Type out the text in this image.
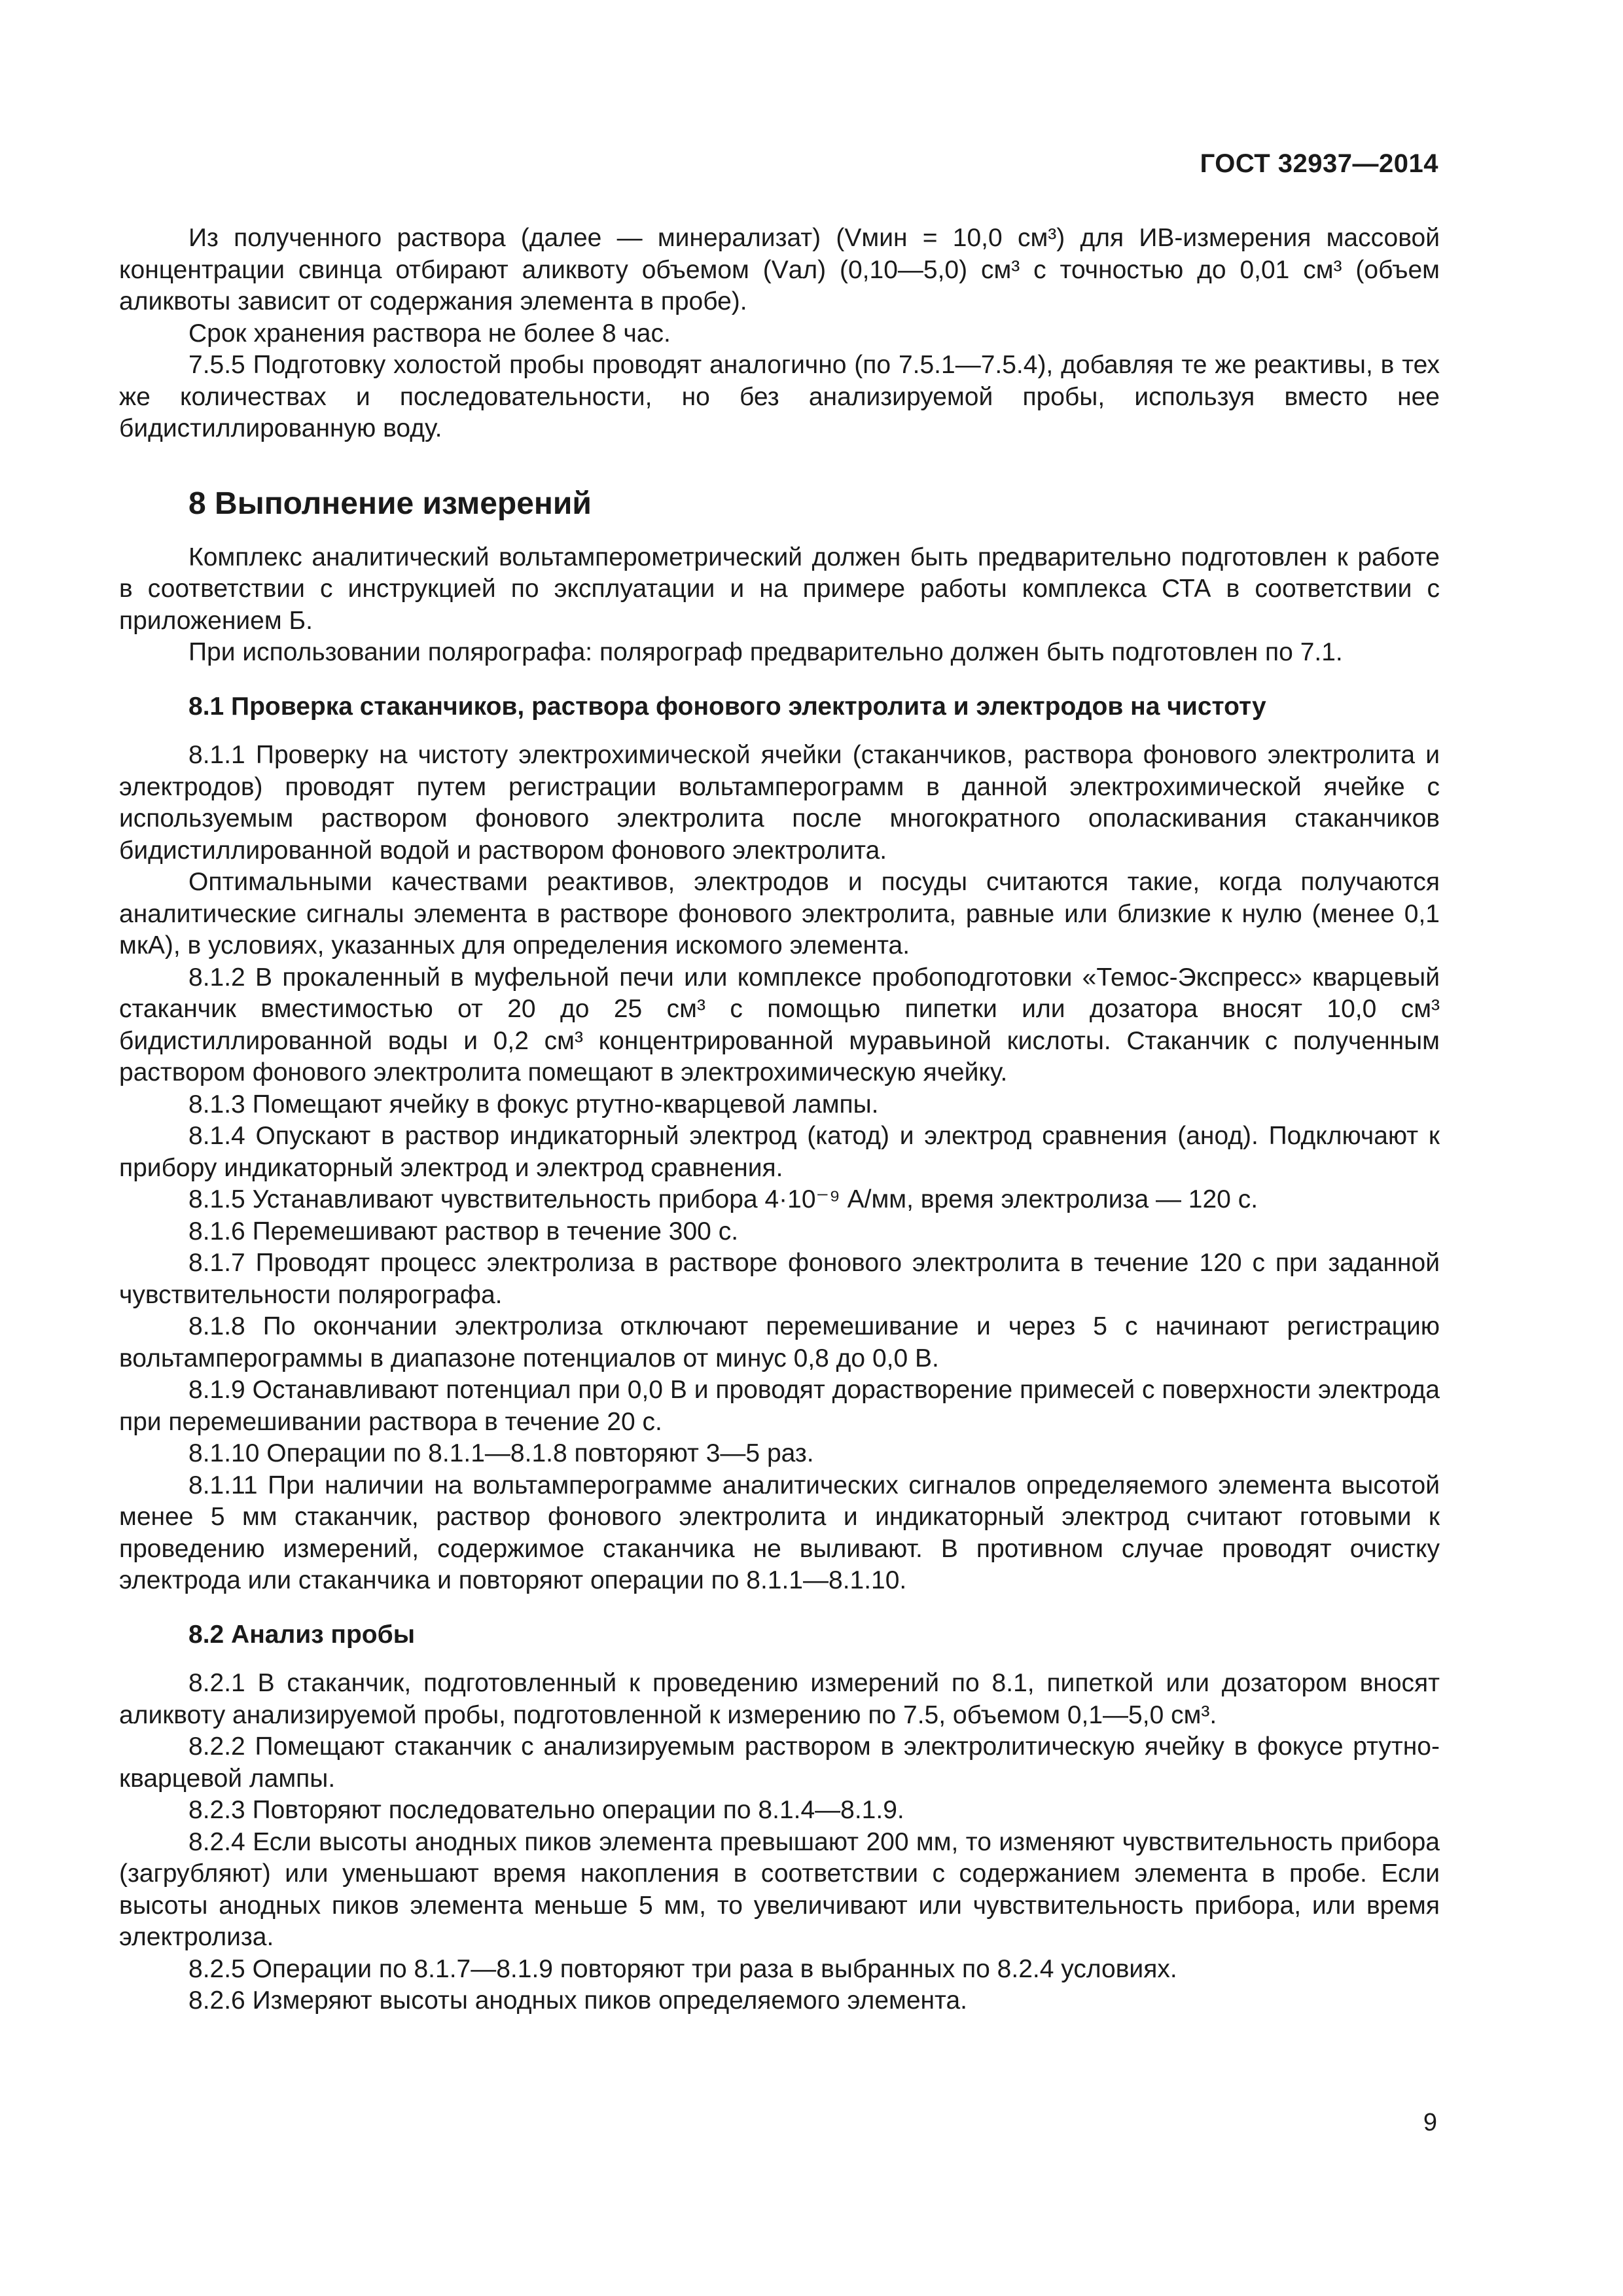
ГОСТ 32937—2014

Из полученного раствора (далее — минерализат) (Vмин = 10,0 см³) для ИВ-измерения массовой концентрации свинца отбирают аликвоту объемом (Vал) (0,10—5,0) см³ с точностью до 0,01 см³ (объем аликвоты зависит от содержания элемента в пробе).

Срок хранения раствора не более 8 час.

7.5.5 Подготовку холостой пробы проводят аналогично (по 7.5.1—7.5.4), добавляя те же реактивы, в тех же количествах и последовательности, но без анализируемой пробы, используя вместо нее бидистиллированную воду.

8 Выполнение измерений

Комплекс аналитический вольтамперометрический должен быть предварительно подготовлен к работе в соответствии с инструкцией по эксплуатации и на примере работы комплекса СТА в соответствии с приложением Б.

При использовании полярографа: полярограф предварительно должен быть подготовлен по 7.1.

8.1 Проверка стаканчиков, раствора фонового электролита и электродов на чистоту

8.1.1 Проверку на чистоту электрохимической ячейки (стаканчиков, раствора фонового электролита и электродов) проводят путем регистрации вольтамперограмм в данной электрохимической ячейке с используемым раствором фонового электролита после многократного ополаскивания стаканчиков бидистиллированной водой и раствором фонового электролита.

Оптимальными качествами реактивов, электродов и посуды считаются такие, когда получаются аналитические сигналы элемента в растворе фонового электролита, равные или близкие к нулю (менее 0,1 мкА), в условиях, указанных для определения искомого элемента.

8.1.2 В прокаленный в муфельной печи или комплексе пробоподготовки «Темос-Экспресс» кварцевый стаканчик вместимостью от 20 до 25 см³ с помощью пипетки или дозатора вносят 10,0 см³ бидистиллированной воды и 0,2 см³ концентрированной муравьиной кислоты. Стаканчик с полученным раствором фонового электролита помещают в электрохимическую ячейку.

8.1.3 Помещают ячейку в фокус ртутно-кварцевой лампы.

8.1.4 Опускают в раствор индикаторный электрод (катод) и электрод сравнения (анод). Подключают к прибору индикаторный электрод и электрод сравнения.

8.1.5 Устанавливают чувствительность прибора 4·10⁻⁹ А/мм, время электролиза — 120 с.

8.1.6 Перемешивают раствор в течение 300 с.

8.1.7 Проводят процесс электролиза в растворе фонового электролита в течение 120 с при заданной чувствительности полярографа.

8.1.8 По окончании электролиза отключают перемешивание и через 5 с начинают регистрацию вольтамперограммы в диапазоне потенциалов от минус 0,8 до 0,0 В.

8.1.9 Останавливают потенциал при 0,0 В и проводят дорастворение примесей с поверхности электрода при перемешивании раствора в течение 20 с.

8.1.10 Операции по 8.1.1—8.1.8 повторяют 3—5 раз.

8.1.11 При наличии на вольтамперограмме аналитических сигналов определяемого элемента высотой менее 5 мм стаканчик, раствор фонового электролита и индикаторный электрод считают готовыми к проведению измерений, содержимое стаканчика не выливают. В противном случае проводят очистку электрода или стаканчика и повторяют операции по 8.1.1—8.1.10.

8.2 Анализ пробы

8.2.1 В стаканчик, подготовленный к проведению измерений по 8.1, пипеткой или дозатором вносят аликвоту анализируемой пробы, подготовленной к измерению по 7.5, объемом 0,1—5,0 см³.

8.2.2 Помещают стаканчик с анализируемым раствором в электролитическую ячейку в фокусе ртутно-кварцевой лампы.

8.2.3 Повторяют последовательно операции по 8.1.4—8.1.9.

8.2.4 Если высоты анодных пиков элемента превышают 200 мм, то изменяют чувствительность прибора (загрубляют) или уменьшают время накопления в соответствии с содержанием элемента в пробе. Если высоты анодных пиков элемента меньше 5 мм, то увеличивают или чувствительность прибора, или время электролиза.

8.2.5 Операции по 8.1.7—8.1.9 повторяют три раза в выбранных по 8.2.4 условиях.

8.2.6 Измеряют высоты анодных пиков определяемого элемента.

9
